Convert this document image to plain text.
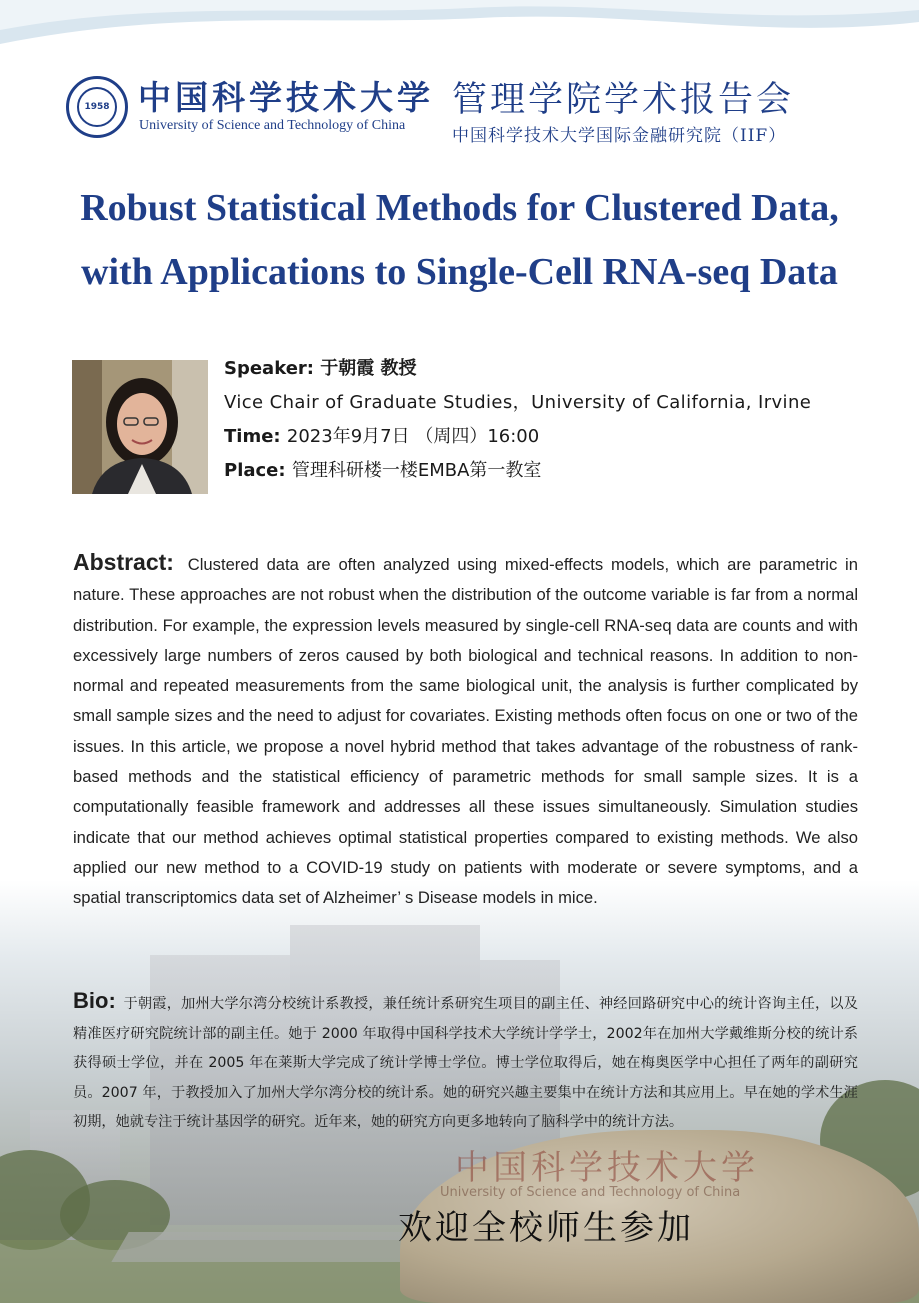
中国科学技术大学
University of Science and Technology of China
1958 中国科学技术大学
University of Science and Technology of China
管理学院学术报告会
中国科学技术大学国际金融研究院（IIF）
Robust Statistical Methods for Clustered Data,
with Applications to Single-Cell RNA-seq Data
Speaker: 于朝霞 教授
Vice Chair of Graduate Studies，University of California, Irvine
Time: 2023年9月7日 （周四）16:00
Place: 管理科研楼一楼EMBA第一教室
Abstract: Clustered data are often analyzed using mixed-effects models, which are parametric in nature. These approaches are not robust when the distribution of the outcome variable is far from a normal distribution. For example, the expression levels measured by single-cell RNA-seq data are counts and with excessively large numbers of zeros caused by both biological and technical reasons. In addition to non-normal and repeated measurements from the same biological unit, the analysis is further complicated by small sample sizes and the need to adjust for covariates. Existing methods often focus on one or two of the issues. In this article, we propose a novel hybrid method that takes advantage of the robustness of rank-based methods and the statistical efficiency of parametric methods for small sample sizes. It is a computationally feasible framework and addresses all these issues simultaneously. Simulation studies indicate that our method achieves optimal statistical properties compared to existing methods. We also applied our new method to a COVID-19 study on patients with moderate or severe symptoms, and a spatial transcriptomics data set of Alzheimer’ s Disease models in mice.
Bio: 于朝霞，加州大学尔湾分校统计系教授，兼任统计系研究生项目的副主任、神经回路研究中心的统计咨询主任，以及精准医疗研究院统计部的副主任。她于 2000 年取得中国科学技术大学统计学学士，2002年在加州大学戴维斯分校的统计系获得硕士学位，并在 2005 年在莱斯大学完成了统计学博士学位。博士学位取得后，她在梅奥医学中心担任了两年的副研究员。2007 年，于教授加入了加州大学尔湾分校的统计系。她的研究兴趣主要集中在统计方法和其应用上。早在她的学术生涯初期，她就专注于统计基因学的研究。近年来，她的研究方向更多地转向了脑科学中的统计方法。
欢迎全校师生参加
